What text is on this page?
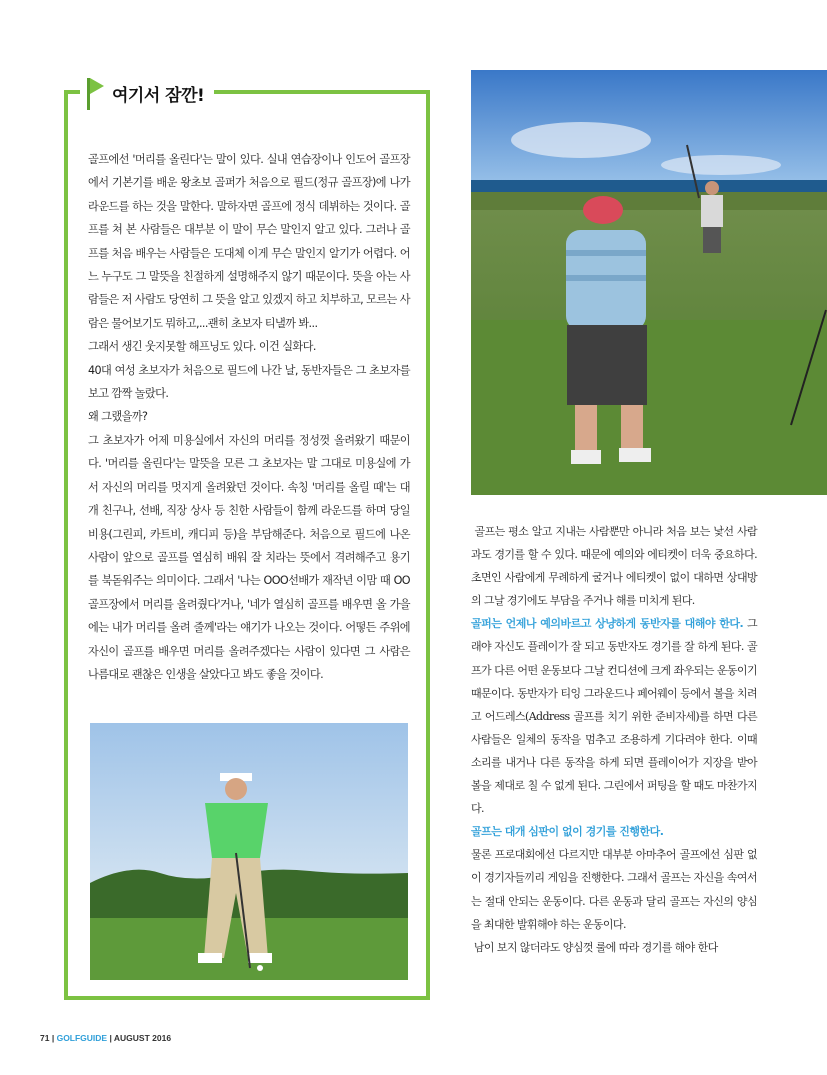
여기서 잠깐!

골프에선 '머리를 올린다'는 말이 있다. 실내 연습장이나 인도어 골프장에서 기본기를 배운 왕초보 골퍼가 처음으로 필드(정규 골프장)에 나가 라운드를 하는 것을 말한다. 말하자면 골프에 정식 데뷔하는 것이다. 골프를 쳐 본 사람들은 대부분 이 말이 무슨 말인지 알고 있다. 그러나 골프를 처음 배우는 사람들은 도대체 이게 무슨 말인지 알기가 어렵다. 어느 누구도 그 말뜻을 친절하게 설명해주지 않기 때문이다. 뜻을 아는 사람들은 저 사람도 당연히 그 뜻을 알고 있겠지 하고 치부하고, 모르는 사람은 물어보기도 뭐하고,...괜히 초보자 티낼까 봐...

그래서 생긴 웃지못할 해프닝도 있다. 이건 실화다.

40대 여성 초보자가 처음으로 필드에 나간 날, 동반자들은 그 초보자를 보고 깜짝 놀랐다.

왜 그랬을까?

그 초보자가 어제 미용실에서 자신의 머리를 정성껏 올려왔기 때문이다. '머리를 올린다'는 말뜻을 모른 그 초보자는 말 그대로 미용실에 가서 자신의 머리를 멋지게 올려왔던 것이다. 속칭 '머리를 올릴 때'는 대개 친구나, 선배, 직장 상사 등 친한 사람들이 함께 라운드를 하며 당일 비용(그린피, 카트비, 캐디피 등)을 부담해준다. 처음으로 필드에 나온 사람이 앞으로 골프를 열심히 배워 잘 치라는 뜻에서 격려해주고 용기를 북돋워주는 의미이다. 그래서 '나는 OOO선배가 재작년 이맘 때 OO골프장에서 머리를 올려줬다'거나, '네가 열심히 골프를 배우면 올 가을에는 내가 머리를 올려 줄께'라는 얘기가 나오는 것이다. 어떻든 주위에 자신이 골프를 배우면 머리를 올려주겠다는 사람이 있다면 그 사람은 나름대로 괜찮은 인생을 살았다고 봐도 좋을 것이다.

골프는 평소 알고 지내는 사람뿐만 아니라 처음 보는 낯선 사람과도 경기를 할 수 있다. 때문에 예의와 에티켓이 더욱 중요하다. 초면인 사람에게 무례하게 굴거나 에티켓이 없이 대하면 상대방의 그날 경기에도 부담을 주거나 해를 미치게 된다.

골퍼는 언제나 예의바르고 상냥하게 동반자를 대해야 한다. 그래야 자신도 플레이가 잘 되고 동반자도 경기를 잘 하게 된다. 골프가 다른 어떤 운동보다 그날 컨디션에 크게 좌우되는 운동이기 때문이다. 동반자가 티잉 그라운드나 페어웨이 등에서 볼을 치려고 어드레스(Address 골프를 치기 위한 준비자세)를 하면 다른 사람들은 일체의 동작을 멈추고 조용하게 기다려야 한다. 이때 소리를 내거나 다른 동작을 하게 되면 플레이어가 지장을 받아 볼을 제대로 칠 수 없게 된다. 그린에서 퍼팅을 할 때도 마찬가지다.

골프는 대개 심판이 없이 경기를 진행한다.

물론 프로대회에선 다르지만 대부분 아마추어 골프에선 심판 없이 경기자들끼리 게임을 진행한다. 그래서 골프는 자신을 속여서는 절대 안되는 운동이다. 다른 운동과 달리 골프는 자신의 양심을 최대한 발휘해야 하는 운동이다.

남이 보지 않더라도 양심껏 룰에 따라 경기를 해야 한다

71 | GOLFGUIDE | AUGUST 2016
